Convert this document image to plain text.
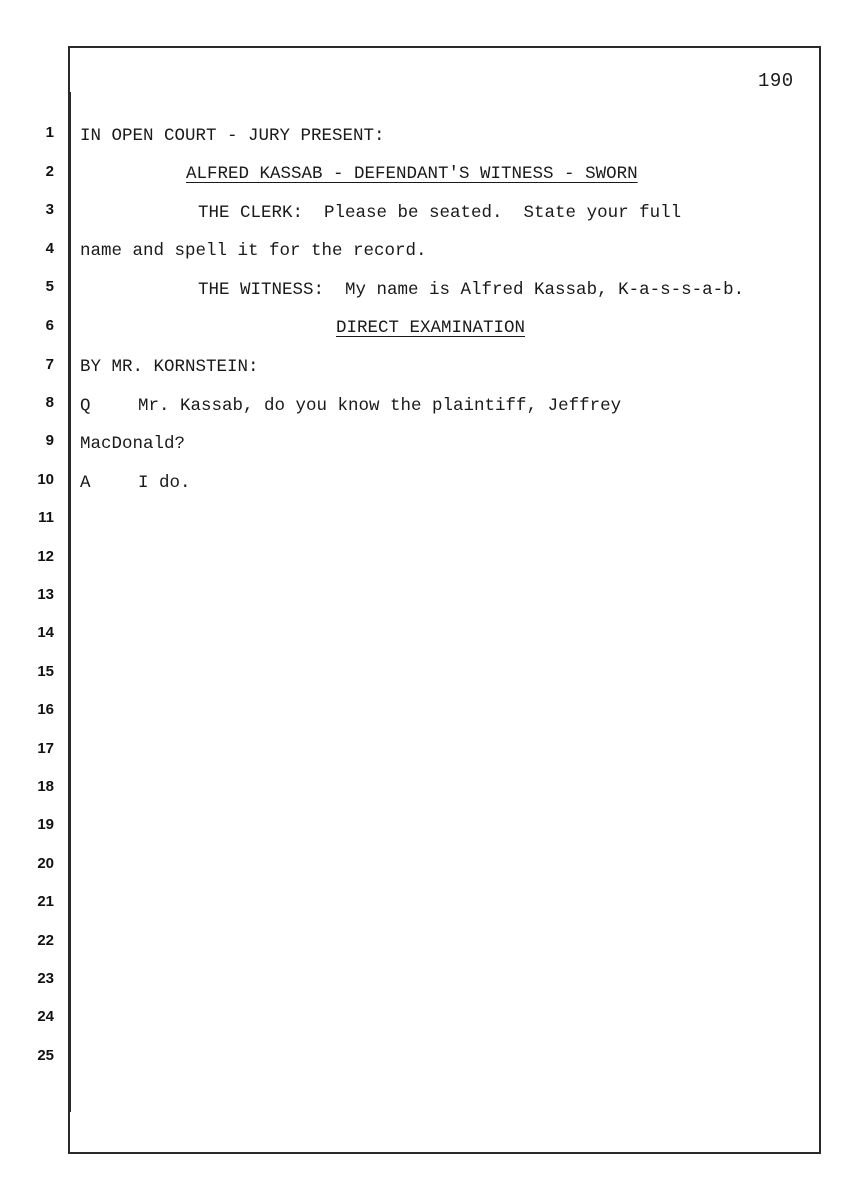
190
1
2
3
4
5
6
7
8
9
10
11
12
13
14
15
16
17
18
19
20
21
22
23
24
25
IN OPEN COURT - JURY PRESENT:
ALFRED KASSAB - DEFENDANT'S WITNESS - SWORN
THE CLERK:  Please be seated.  State your full
name and spell it for the record.
THE WITNESS:  My name is Alfred Kassab, K-a-s-s-a-b.
DIRECT EXAMINATION
BY MR. KORNSTEIN:
Q	Mr. Kassab, do you know the plaintiff, Jeffrey
MacDonald?
A	I do.
